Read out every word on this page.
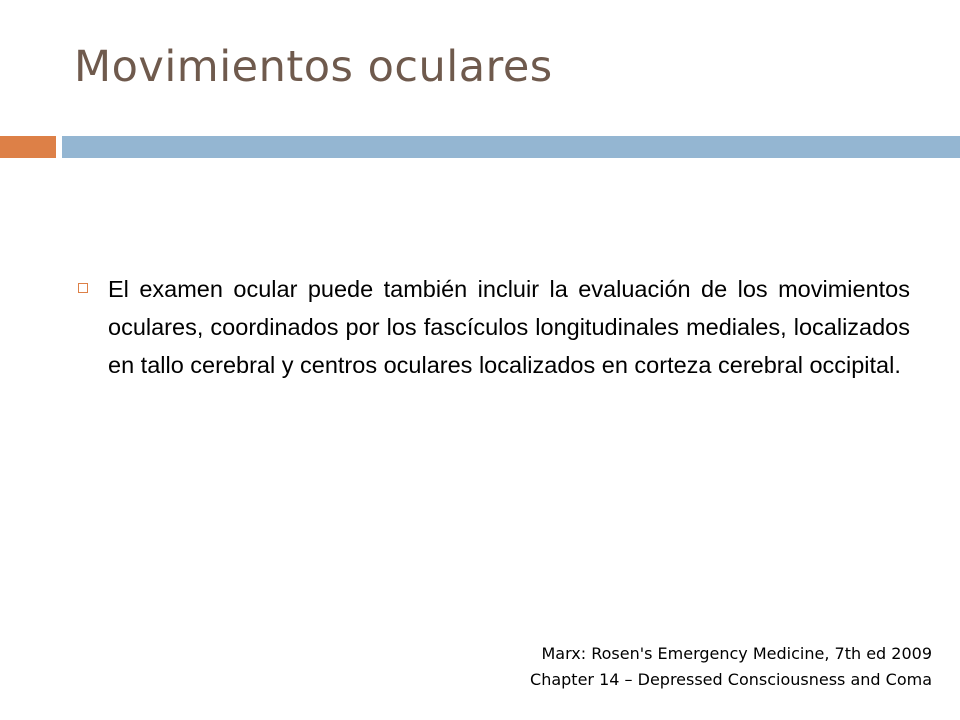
Movimientos oculares
El examen ocular puede también incluir la evaluación de los movimientos oculares, coordinados por los fascículos longitudinales mediales, localizados en tallo cerebral y centros oculares localizados en corteza cerebral occipital.
Marx: Rosen's Emergency Medicine, 7th ed 2009
Chapter 14 – Depressed Consciousness and Coma
